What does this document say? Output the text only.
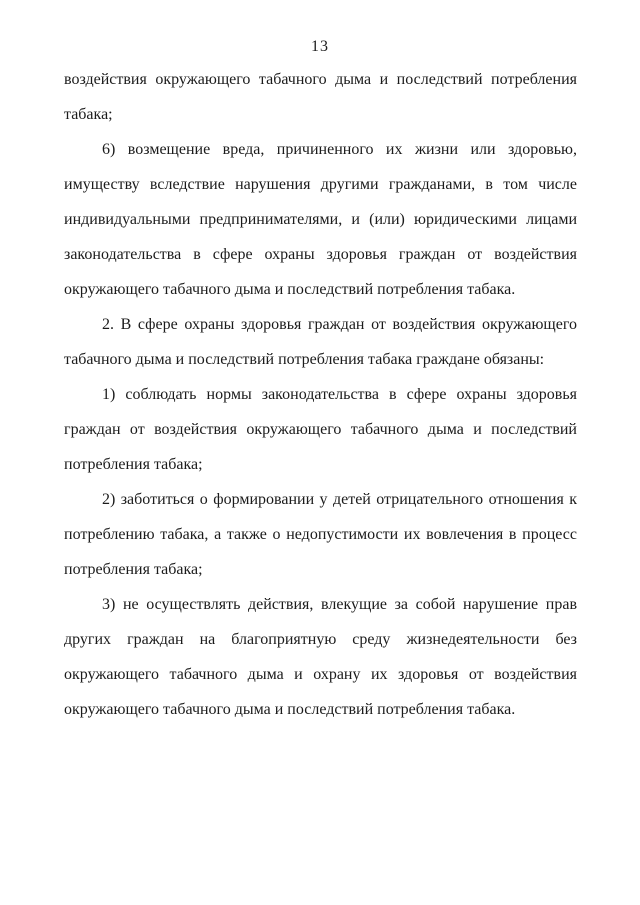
13
воздействия окружающего табачного дыма и последствий потребления
табака;
6) возмещение вреда, причиненного их жизни или здоровью,
имуществу вследствие нарушения другими гражданами, в том числе
индивидуальными предпринимателями, и (или) юридическими лицами
законодательства в сфере охраны здоровья граждан от воздействия
окружающего табачного дыма и последствий потребления табака.
2. В сфере охраны здоровья граждан от воздействия окружающего
табачного дыма и последствий потребления табака граждане обязаны:
1) соблюдать нормы законодательства в сфере охраны здоровья
граждан от воздействия окружающего табачного дыма и последствий
потребления табака;
2) заботиться о формировании у детей отрицательного отношения к
потреблению табака, а также о недопустимости их вовлечения в процесс
потребления табака;
3) не осуществлять действия, влекущие за собой нарушение прав
других граждан на благоприятную среду жизнедеятельности без
окружающего табачного дыма и охрану их здоровья от воздействия
окружающего табачного дыма и последствий потребления табака.
